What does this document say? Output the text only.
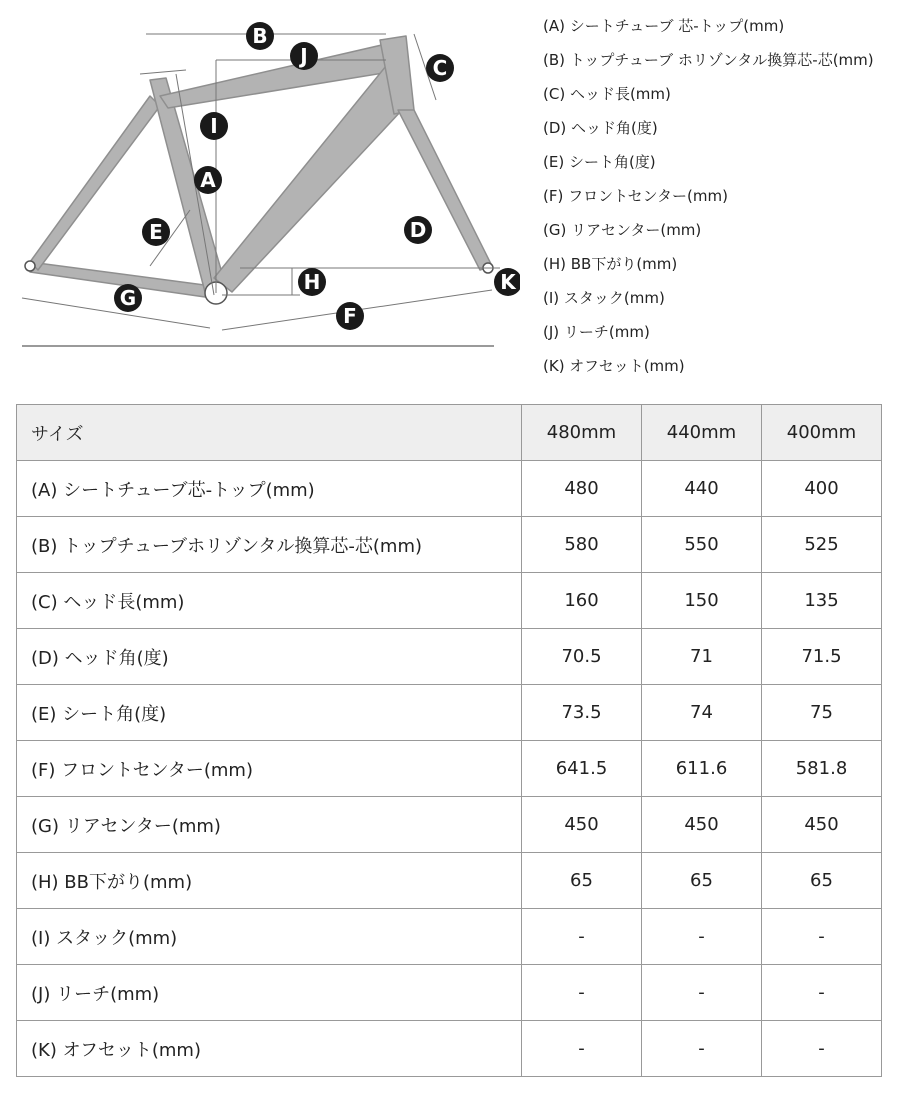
A
B
C
D
E
F
G
H
I
J
K
(A) シートチューブ 芯-トップ(mm)
(B) トップチューブ ホリゾンタル換算芯-芯(mm)
(C) ヘッド長(mm)
(D) ヘッド角(度)
(E) シート角(度)
(F) フロントセンター(mm)
(G) リアセンター(mm)
(H) BB下がり(mm)
(I) スタック(mm)
(J) リーチ(mm)
(K) オフセット(mm)
サイズ	480mm	440mm	400mm
(A) シートチューブ芯-トップ(mm)	480	440	400
(B) トップチューブホリゾンタル換算芯-芯(mm)	580	550	525
(C) ヘッド長(mm)	160	150	135
(D) ヘッド角(度)	70.5	71	71.5
(E) シート角(度)	73.5	74	75
(F) フロントセンター(mm)	641.5	611.6	581.8
(G) リアセンター(mm)	450	450	450
(H) BB下がり(mm)	65	65	65
(I) スタック(mm)	-	-	-
(J) リーチ(mm)	-	-	-
(K) オフセット(mm)	-	-	-
